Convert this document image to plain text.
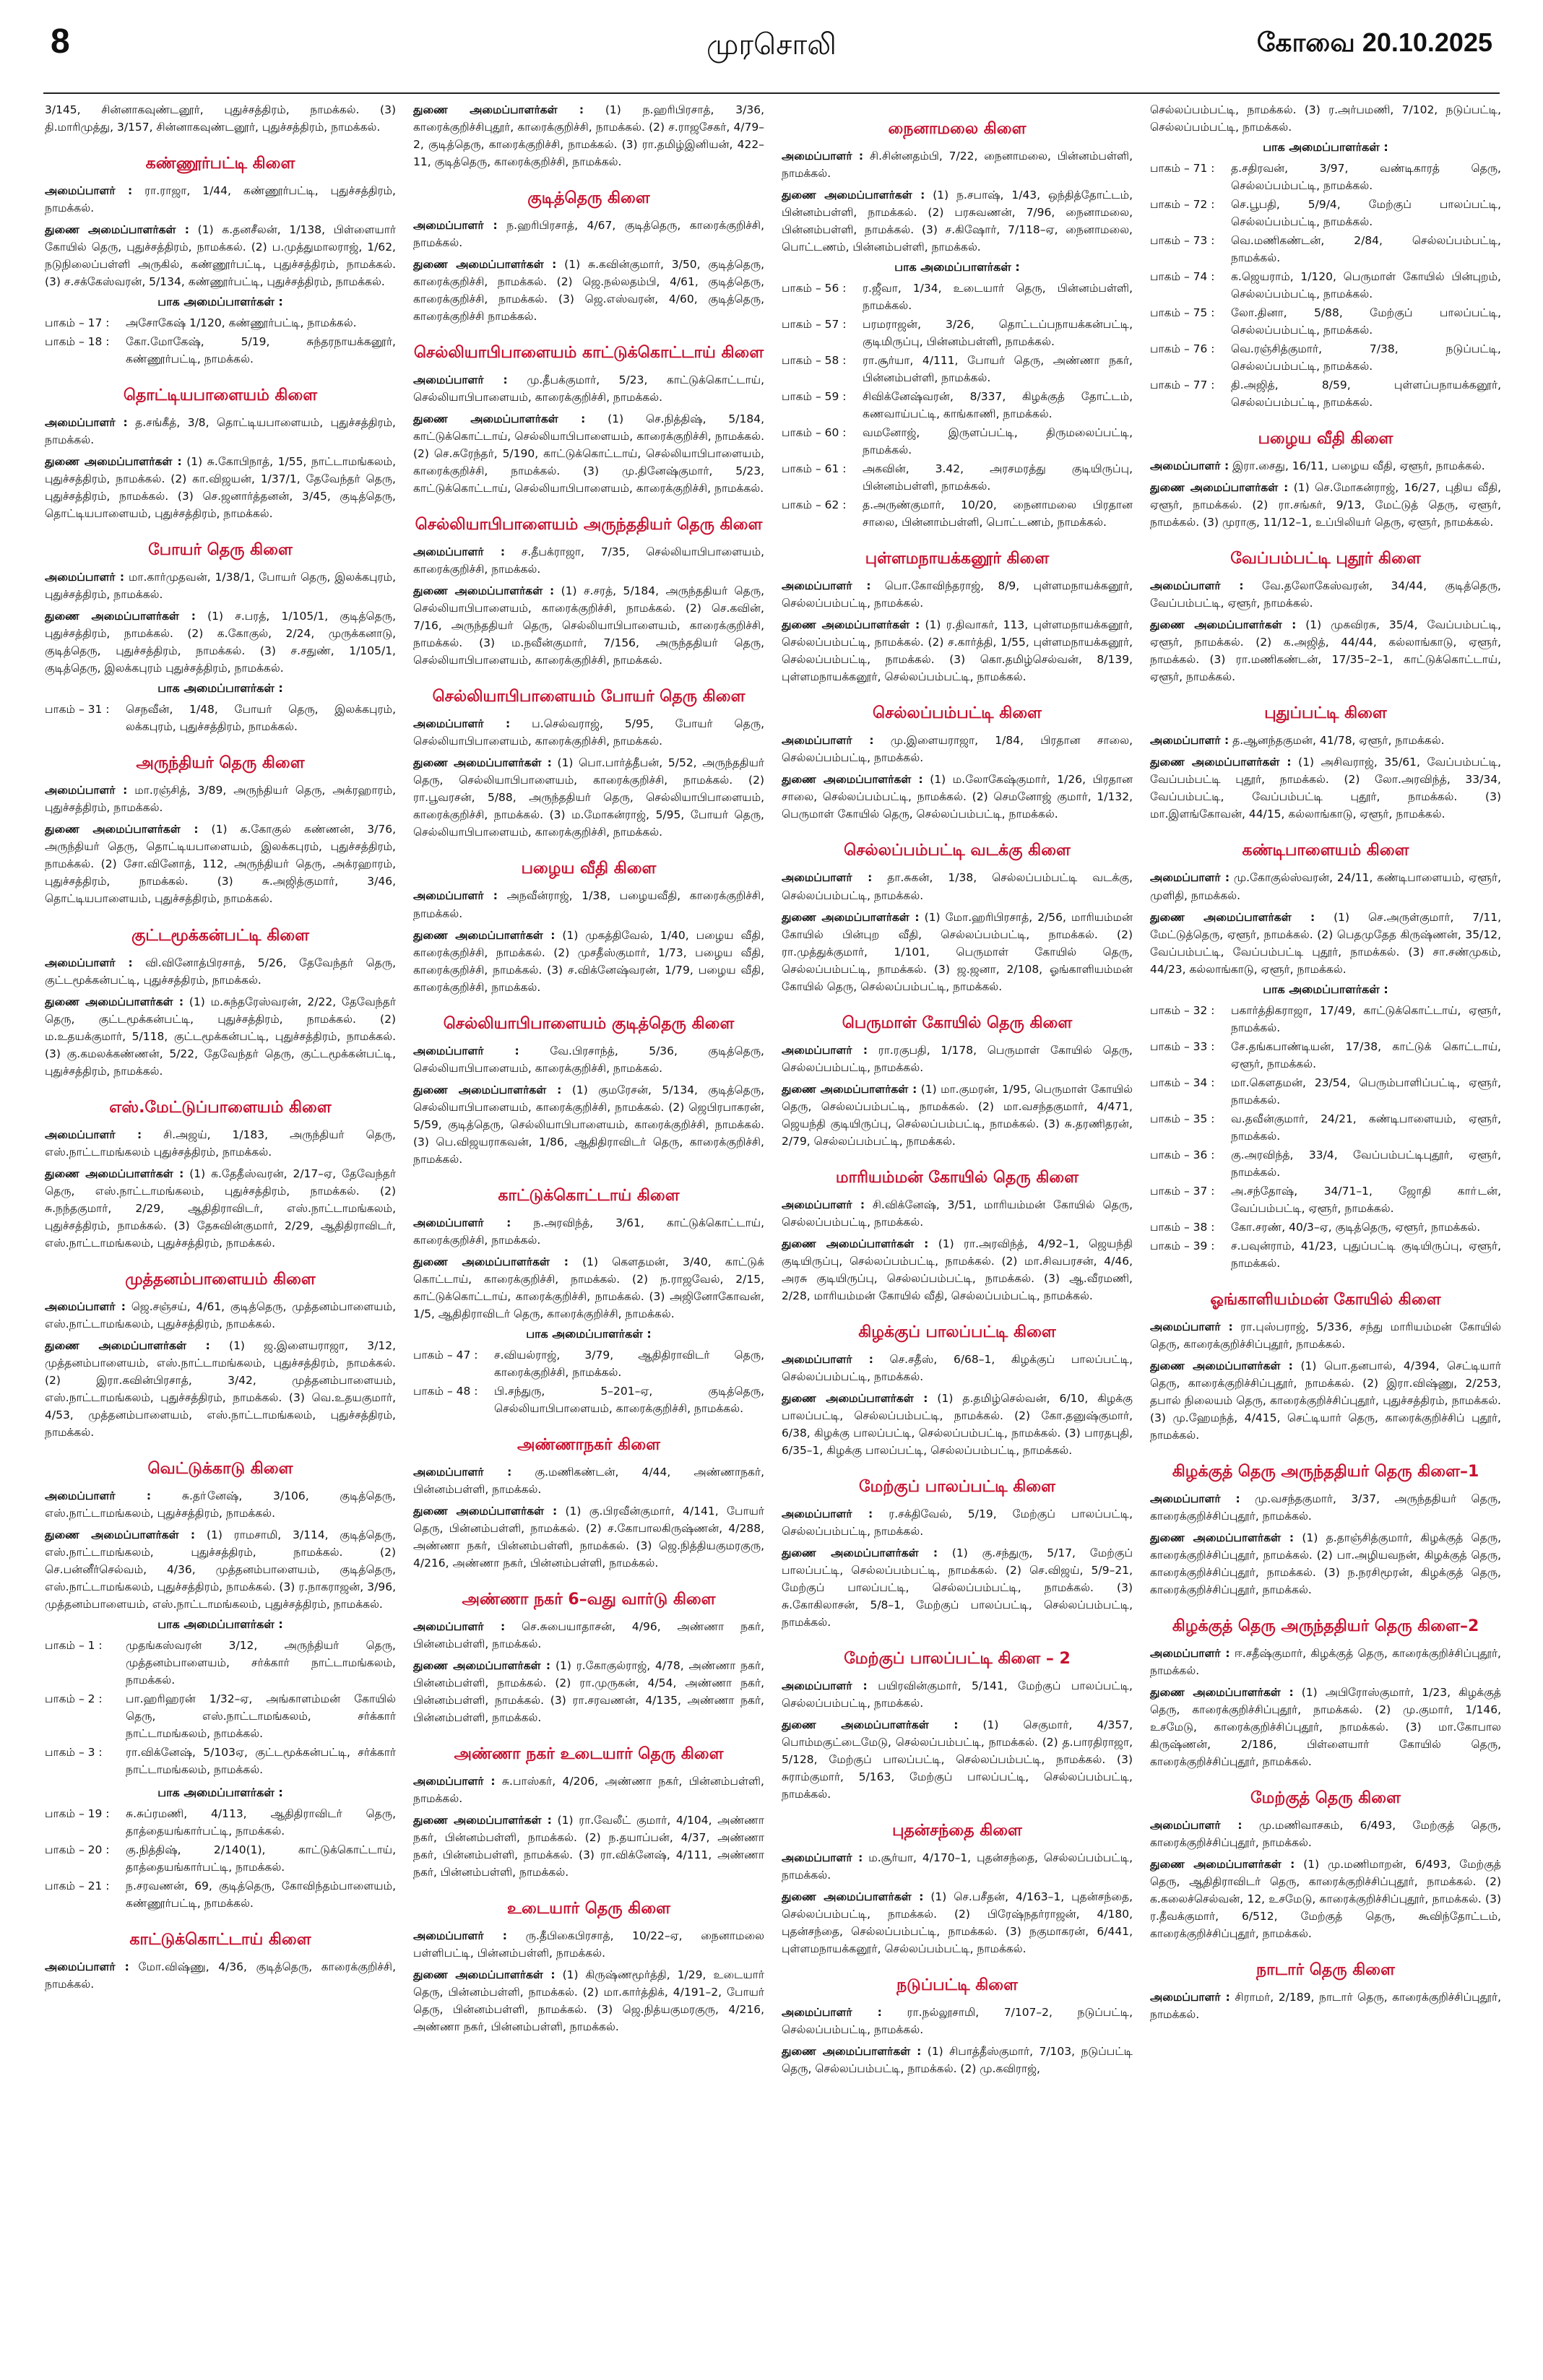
8	முரசொலி	கோவை 20.10.2025
3/145, சின்னாகவுண்டனூர், புதுச்சத்திரம், நாமக்கல். (3) தி.மாரிமுத்து, 3/157, சின்னாகவுண்டனூர், புதுச்சத்திரம், நாமக்கல்.
கண்ணூர்பட்டி கிளை
அமைப்பாளர் : ரா.ராஜா, 1/44, கண்ணூர்பட்டி, புதுச்சத்திரம், நாமக்கல்.
துணை அமைப்பாளர்கள் : (1) க.தனசீலன், 1/138, பிள்ளையார் கோயில் தெரு, புதுச்சத்திரம், நாமக்கல். (2) ப.முத்துமாலராஜ், 1/62, நடுநிலைப்பள்ளி அருகில், கண்ணூர்பட்டி, புதுச்சத்திரம், நாமக்கல். (3) ச.சக்கேஸ்வரன், 5/134, கண்ணூர்பட்டி, புதுச்சத்திரம், நாமக்கல்.
பாக அமைப்பாளர்கள் :
பாகம் – 17 :	அசோகேஷ் 1/120, கண்ணூர்பட்டி, நாமக்கல்.
பாகம் – 18 :	கோ.மோகேஷ், 5/19, சுந்தரநாயக்கனூர், கண்ணூர்பட்டி, நாமக்கல்.
தொட்டியபாளையம் கிளை
அமைப்பாளர் : த.சங்கீத், 3/8, தொட்டியபாளையம், புதுச்சத்திரம், நாமக்கல்.
துணை அமைப்பாளர்கள் : (1) சு.கோபிநாத், 1/55, நாட்டாமங்கலம், புதுச்சத்திரம், நாமக்கல். (2) கா.விஜயன், 1/37/1, தேவேந்தர் தெரு, புதுச்சத்திரம், நாமக்கல். (3) செ.ஜனார்த்தனன், 3/45, குடித்தெரு, தொட்டியபாளையம், புதுச்சத்திரம், நாமக்கல்.
போயர் தெரு கிளை
அமைப்பாளர் : மா.கார்முதவன், 1/38/1, போயர் தெரு, இலக்கபுரம், புதுச்சத்திரம், நாமக்கல்.
துணை அமைப்பாளர்கள் : (1) ச.பரத், 1/105/1, குடித்தெரு, புதுச்சத்திரம், நாமக்கல். (2) க.கோகுல், 2/24, முருக்கனாடு, குடித்தெரு, புதுச்சத்திரம், நாமக்கல். (3) ச.சதுண், 1/105/1, குடித்தெரு, இலக்கபுரம் புதுச்சத்திரம், நாமக்கல்.
பாக அமைப்பாளர்கள் :
பாகம் – 31 :	செநவீன், 1/48, போயர் தெரு, இலக்கபுரம், லக்கபுரம், புதுச்சத்திரம், நாமக்கல்.
அருந்தியர் தெரு கிளை
அமைப்பாளர் : மா.ரஞ்சித், 3/89, அருந்தியர் தெரு, அக்ரஹாரம், புதுச்சத்திரம், நாமக்கல்.
துணை அமைப்பாளர்கள் : (1) க.கோகுல் கண்ணன், 3/76, அருந்தியர் தெரு, தொட்டியபாளையம், இலக்கபுரம், புதுச்சத்திரம், நாமக்கல். (2) சோ.வினோத், 112, அருந்தியர் தெரு, அக்ரஹாரம், புதுச்சத்திரம், நாமக்கல். (3) சு.அஜித்குமார், 3/46, தொட்டியபாளையம், புதுச்சத்திரம், நாமக்கல்.
குட்டமூக்கன்பட்டி கிளை
அமைப்பாளர் : வி.வினோத்பிரசாத், 5/26, தேவேந்தர் தெரு, குட்டமூக்கன்பட்டி, புதுச்சத்திரம், நாமக்கல்.
துணை அமைப்பாளர்கள் : (1) ம.சுந்தரேஸ்வரன், 2/22, தேவேந்தர் தெரு, குட்டமூக்கன்பட்டி, புதுச்சத்திரம், நாமக்கல். (2) ம.உதயக்குமார், 5/118, குட்டமூக்கன்பட்டி, புதுச்சத்திரம், நாமக்கல். (3) கு.கமலக்கண்ணன், 5/22, தேவேந்தர் தெரு, குட்டமூக்கன்பட்டி, புதுச்சத்திரம், நாமக்கல்.
எஸ்.மேட்டுப்பாளையம் கிளை
அமைப்பாளர் : சி.அஜய், 1/183, அருந்தியர் தெரு, எஸ்.நாட்டாமங்கலம் புதுச்சத்திரம், நாமக்கல்.
துணை அமைப்பாளர்கள் : (1) க.தேதீஸ்வரன், 2/17–ஏ, தேவேந்தர் தெரு, எஸ்.நாட்டாமங்கலம், புதுச்சத்திரம், நாமக்கல். (2) சு.நந்தகுமார், 2/29, ஆதிதிராவிடர், எஸ்.நாட்டாமங்கலம், புதுச்சத்திரம், நாமக்கல். (3) தேசுவின்குமார், 2/29, ஆதிதிராவிடர், எஸ்.நாட்டாமங்கலம், புதுச்சத்திரம், நாமக்கல்.
முத்தனம்பாளையம் கிளை
அமைப்பாளர் : ஜெ.சஞ்சய், 4/61, குடித்தெரு, முத்தனம்பாளையம், எஸ்.நாட்டாமங்கலம், புதுச்சத்திரம், நாமக்கல்.
துணை அமைப்பாளர்கள் : (1) ஜ.இளையராஜா, 3/12, முத்தனம்பாளையம், எஸ்.நாட்டாமங்கலம், புதுச்சத்திரம், நாமக்கல். (2) இரா.கவின்பிரசாத், 3/42, முத்தனம்பாளையம், எஸ்.நாட்டாமங்கலம், புதுச்சத்திரம், நாமக்கல். (3) வெ.உதயகுமார், 4/53, முத்தனம்பாளையம், எஸ்.நாட்டாமங்கலம், புதுச்சத்திரம், நாமக்கல்.
வெட்டுக்காடு கிளை
அமைப்பாளர் : சு.தா்னேஷ், 3/106, குடித்தெரு, எஸ்.நாட்டாமங்கலம், புதுச்சத்திரம், நாமக்கல்.
துணை அமைப்பாளர்கள் : (1) ராமசாமி, 3/114, குடித்தெரு, எஸ்.நாட்டாமங்கலம், புதுச்சத்திரம், நாமக்கல். (2) செ.பன்னீர்செல்வம், 4/36, முத்தனம்பாளையம், குடித்தெரு, எஸ்.நாட்டாமங்கலம், புதுச்சத்திரம், நாமக்கல். (3) ர.நாகராஜன், 3/96, முத்தனம்பாளையம், எஸ்.நாட்டாமங்கலம், புதுச்சத்திரம், நாமக்கல்.
பாக அமைப்பாளர்கள் :
பாகம் – 1 :	முதங்கஸ்வரன் 3/12, அருந்தியர் தெரு, முத்தனம்பாளையம், சர்க்கார் நாட்டாமங்கலம், நாமக்கல்.
பாகம் – 2 :	பா.ஹரிஹரன் 1/32–ஏ, அங்காளம்மன் கோயில் தெரு, எஸ்.நாட்டாமங்கலம், சர்க்கார் நாட்டாமங்கலம், நாமக்கல்.
பாகம் – 3 :	ரா.விக்னேஷ், 5/103ஏ, குட்டமூக்கன்பட்டி, சர்க்கார் நாட்டாமங்கலம், நாமக்கல்.
பாக அமைப்பாளர்கள் :
பாகம் – 19 :	சு.சுப்ரமணி, 4/113, ஆதிதிராவிடர் தெரு, தாத்தையங்கார்பட்டி, நாமக்கல்.
பாகம் – 20 :	கு.நித்திஷ், 2/140(1), காட்டுக்கொட்டாய், தாத்தையங்கார்பட்டி, நாமக்கல்.
பாகம் – 21 :	ந.சரவணன், 69, குடித்தெரு, கோவிந்தம்பாளையம், கண்ணூர்பட்டி, நாமக்கல்.
காட்டுக்கொட்டாய் கிளை
அமைப்பாளர் : மோ.விஷ்ணு, 4/36, குடித்தெரு, காரைக்குறிச்சி, நாமக்கல்.
துணை அமைப்பாளர்கள் : (1) ந.ஹரிபிரசாத், 3/36, காரைக்குறிச்சிபுதூர், காரைக்குறிச்சி, நாமக்கல். (2) ச.ராஜசேகர், 4/79–2, குடித்தெரு, காரைக்குறிச்சி, நாமக்கல். (3) ரா.தமிழ்இனியன், 422–11, குடித்தெரு, காரைக்குறிச்சி, நாமக்கல்.
குடித்தெரு கிளை
அமைப்பாளர் : ந.ஹரிபிரசாத், 4/67, குடித்தெரு, காரைக்குறிச்சி, நாமக்கல்.
துணை அமைப்பாளர்கள் : (1) சு.கவின்குமார், 3/50, குடித்தெரு, காரைக்குறிச்சி, நாமக்கல். (2) ஜெ.நல்லதம்பி, 4/61, குடித்தெரு, காரைக்குறிச்சி, நாமக்கல். (3) ஜெ.எஸ்வரன், 4/60, குடித்தெரு, காரைக்குறிச்சி நாமக்கல்.
செல்லியாபிபாளையம் காட்டுக்கொட்டாய் கிளை
அமைப்பாளர் : மு.தீபக்குமார், 5/23, காட்டுக்கொட்டாய், செல்லியாபிபாளையம், காரைக்குறிச்சி, நாமக்கல்.
துணை அமைப்பாளர்கள் : (1) செ.நித்திஷ், 5/184, காட்டுக்கொட்டாய், செல்லியாபிபாளையம், காரைக்குறிச்சி, நாமக்கல். (2) செ.சுரேந்தர், 5/190, காட்டுக்கொட்டாய், செல்லியாபிபாளையம், காரைக்குறிச்சி, நாமக்கல். (3) மு.தினேஷ்குமார், 5/23, காட்டுக்கொட்டாய், செல்லியாபிபாளையம், காரைக்குறிச்சி, நாமக்கல்.
செல்லியாபிபாளையம் அருந்ததியர் தெரு கிளை
அமைப்பாளர் : ச.தீபக்ராஜா, 7/35, செல்லியாபிபாளையம், காரைக்குறிச்சி, நாமக்கல்.
துணை அமைப்பாளர்கள் : (1) ச.சரத், 5/184, அருந்ததியர் தெரு, செல்லியாபிபாளையம், காரைக்குறிச்சி, நாமக்கல். (2) செ.கவின், 7/16, அருந்ததியர் தெரு, செல்லியாபிபாளையம், காரைக்குறிச்சி, நாமக்கல். (3) ம.நவீன்குமார், 7/156, அருந்ததியர் தெரு, செல்லியாபிபாளையம், காரைக்குறிச்சி, நாமக்கல்.
செல்லியாபிபாளையம் போயர் தெரு கிளை
அமைப்பாளர் : ப.செல்வராஜ், 5/95, போயர் தெரு, செல்லியாபிபாளையம், காரைக்குறிச்சி, நாமக்கல்.
துணை அமைப்பாளர்கள் : (1) பொ.பார்த்தீபன், 5/52, அருந்ததியர் தெரு, செல்லியாபிபாளையம், காரைக்குறிச்சி, நாமக்கல். (2) ரா.பூவரசன், 5/88, அருந்ததியர் தெரு, செல்லியாபிபாளையம், காரைக்குறிச்சி, நாமக்கல். (3) ம.மோகன்ராஜ், 5/95, போயர் தெரு, செல்லியாபிபாளையம், காரைக்குறிச்சி, நாமக்கல்.
பழைய வீதி கிளை
அமைப்பாளர் : அநவீன்ராஜ், 1/38, பழையவீதி, காரைக்குறிச்சி, நாமக்கல்.
துணை அமைப்பாளர்கள் : (1) முகத்திவேல், 1/40, பழைய வீதி, காரைக்குறிச்சி, நாமக்கல். (2) முசதீஸ்குமார், 1/73, பழைய வீதி, காரைக்குறிச்சி, நாமக்கல். (3) ச.விக்னேஷ்வரன், 1/79, பழைய வீதி, காரைக்குறிச்சி, நாமக்கல்.
செல்லியாபிபாளையம் குடித்தெரு கிளை
அமைப்பாளர் : வே.பிரசாந்த், 5/36, குடித்தெரு, செல்லியாபிபாளையம், காரைக்குறிச்சி, நாமக்கல்.
துணை அமைப்பாளர்கள் : (1) குமரேசன், 5/134, குடித்தெரு, செல்லியாபிபாளையம், காரைக்குறிச்சி, நாமக்கல். (2) ஜெபிரபாகரன், 5/59, குடித்தெரு, செல்லியாபிபாளையம், காரைக்குறிச்சி, நாமக்கல். (3) பெ.விஜயராகவன், 1/86, ஆதிதிராவிடர் தெரு, காரைக்குறிச்சி, நாமக்கல்.
காட்டுக்கொட்டாய் கிளை
அமைப்பாளர் : ந.அரவிந்த், 3/61, காட்டுக்கொட்டாய், காரைக்குறிச்சி, நாமக்கல்.
துணை அமைப்பாளர்கள் : (1) கௌதமன், 3/40, காட்டுக் கொட்டாய், காரைக்குறிச்சி, நாமக்கல். (2) ந.ராஜவேல், 2/15, காட்டுக்கொட்டாய், காரைக்குறிச்சி, நாமக்கல். (3) அஜினோகோவன், 1/5, ஆதிதிராவிடர் தெரு, காரைக்குறிச்சி, நாமக்கல்.
பாக அமைப்பாளர்கள் :
பாகம் – 47 :	ச.வியல்ராஜ், 3/79, ஆதிதிராவிடர் தெரு, காரைக்குறிச்சி, நாமக்கல்.
பாகம் – 48 :	பி.சந்துரு, 5–201–ஏ, குடித்தெரு, செல்லியாபிபாளையம், காரைக்குறிச்சி, நாமக்கல்.
அண்ணாநகர் கிளை
அமைப்பாளர் : கு.மணிகண்டன், 4/44, அண்ணாநகர், பின்னம்பள்ளி, நாமக்கல்.
துணை அமைப்பாளர்கள் : (1) கு.பிரவீன்குமார், 4/141, போயர் தெரு, பின்னம்பள்ளி, நாமக்கல். (2) ச.கோபாலகிருஷ்ணன், 4/288, அண்ணா நகர், பின்னம்பள்ளி, நாமக்கல். (3) ஜெ.நித்தியகுமரகுரு, 4/216, அண்ணா நகர், பின்னம்பள்ளி, நாமக்கல்.
அண்ணா நகர் 6–வது வார்டு கிளை
அமைப்பாளர் : செ.சுபையாதாசன், 4/96, அண்ணா நகர், பின்னம்பள்ளி, நாமக்கல்.
துணை அமைப்பாளர்கள் : (1) ர.கோகுல்ராஜ், 4/78, அண்ணா நகர், பின்னம்பள்ளி, நாமக்கல். (2) ரா.முருகன், 4/54, அண்ணா நகர், பின்னம்பள்ளி, நாமக்கல். (3) ரா.சரவணன், 4/135, அண்ணா நகர், பின்னம்பள்ளி, நாமக்கல்.
அண்ணா நகர் உடையார் தெரு கிளை
அமைப்பாளர் : சு.பாஸ்கர், 4/206, அண்ணா நகர், பின்னம்பள்ளி, நாமக்கல்.
துணை அமைப்பாளர்கள் : (1) ரா.வேலீட் குமார், 4/104, அண்ணா நகர், பின்னம்பள்ளி, நாமக்கல். (2) ந.தயாப்பன், 4/37, அண்ணா நகர், பின்னம்பள்ளி, நாமக்கல். (3) ரா.விக்னேஷ், 4/111, அண்ணா நகர், பின்னம்பள்ளி, நாமக்கல்.
உடையார் தெரு கிளை
அமைப்பாளர் : ரு.தீபிகைபிரசாத், 10/22–ஏ, நைனாமலை பள்ளிபட்டி, பின்னம்பள்ளி, நாமக்கல்.
துணை அமைப்பாளர்கள் : (1) கிருஷ்ணமூர்த்தி, 1/29, உடையார் தெரு, பின்னம்பள்ளி, நாமக்கல். (2) மா.கார்த்திக், 4/191–2, போயர் தெரு, பின்னம்பள்ளி, நாமக்கல். (3) ஜெ.நித்யகுமரகுரு, 4/216, அண்ணா நகர், பின்னம்பள்ளி, நாமக்கல்.
நைனாமலை கிளை
அமைப்பாளர் : சி.சின்னதம்பி, 7/22, நைனாமலை, பின்னம்பள்ளி, நாமக்கல்.
துணை அமைப்பாளர்கள் : (1) ந.சபாஷ், 1/43, ஒந்தித்தோட்டம், பின்னம்பள்ளி, நாமக்கல். (2) பரசுவணன், 7/96, நைனாமலை, பின்னம்பள்ளி, நாமக்கல். (3) ச.கிஷோர், 7/118–ஏ, நைனாமலை, பொட்டணம், பின்னம்பள்ளி, நாமக்கல்.
பாக அமைப்பாளர்கள் :
பாகம் – 56 :	ர.ஜீவா, 1/34, உடையார் தெரு, பின்னம்பள்ளி, நாமக்கல்.
பாகம் – 57 :	பரமராஜன், 3/26, தொட்டப்பநாயக்கன்பட்டி, குடிமிருப்பு, பின்னம்பள்ளி, நாமக்கல்.
பாகம் – 58 :	ரா.சூர்யா, 4/111, போயர் தெரு, அண்ணா நகர், பின்னம்பள்ளி, நாமக்கல்.
பாகம் – 59 :	சிவிக்னேஷ்வரன், 8/337, கிழக்குத் தோட்டம், கணவாய்பட்டி, காங்காணி, நாமக்கல்.
பாகம் – 60 :	வமனோஜ், இருளப்பட்டி, திருமலைப்பட்டி, நாமக்கல்.
பாகம் – 61 :	அகவின், 3.42, அரசமரத்து குடியிருப்பு, பின்னம்பள்ளி, நாமக்கல்.
பாகம் – 62 :	த.அருண்குமார், 10/20, நைனாமலை பிரதான சாலை, பின்னாம்பள்ளி, பொட்டணம், நாமக்கல்.
புள்ளமநாயக்கனூர் கிளை
அமைப்பாளர் : பொ.கோவிந்தராஜ், 8/9, புள்ளமநாயக்கனூர், செல்லப்பம்பட்டி, நாமக்கல்.
துணை அமைப்பாளர்கள் : (1) ர.திவாகர், 113, புள்ளமநாயக்கனூர், செல்லப்பம்பட்டி, நாமக்கல். (2) ச.கார்த்தி, 1/55, புள்ளமநாயக்கனூர், செல்லப்பம்பட்டி, நாமக்கல். (3) கொ.தமிழ்செல்வன், 8/139, புள்ளமநாயக்கனூர், செல்லப்பம்பட்டி, நாமக்கல்.
செல்லப்பம்பட்டி கிளை
அமைப்பாளர் : மு.இளையராஜா, 1/84, பிரதான சாலை, செல்லப்பம்பட்டி, நாமக்கல்.
துணை அமைப்பாளர்கள் : (1) ம.லோகேஷ்குமார், 1/26, பிரதான சாலை, செல்லப்பம்பட்டி, நாமக்கல். (2) செமனோஜ் குமார், 1/132, பெருமாள் கோயில் தெரு, செல்லப்பம்பட்டி, நாமக்கல்.
செல்லப்பம்பட்டி வடக்கு கிளை
அமைப்பாளர் : தா.சுகன், 1/38, செல்லப்பம்பட்டி வடக்கு, செல்லப்பம்பட்டி, நாமக்கல்.
துணை அமைப்பாளர்கள் : (1) மோ.ஹரிபிரசாத், 2/56, மாரியம்மன் கோயில் பின்புற வீதி, செல்லப்பம்பட்டி, நாமக்கல். (2) ரா.முத்துக்குமார், 1/101, பெருமாள் கோயில் தெரு, செல்லப்பம்பட்டி, நாமக்கல். (3) ஜ.ஜனா, 2/108, ஓங்காளியம்மன் கோயில் தெரு, செல்லப்பம்பட்டி, நாமக்கல்.
பெருமாள் கோயில் தெரு கிளை
அமைப்பாளர் : ரா.ரகுபதி, 1/178, பெருமாள் கோயில் தெரு, செல்லப்பம்பட்டி, நாமக்கல்.
துணை அமைப்பாளர்கள் : (1) மா.குமரன், 1/95, பெருமாள் கோயில் தெரு, செல்லப்பம்பட்டி, நாமக்கல். (2) மா.வசந்தகுமார், 4/471, ஜெயந்தி குடியிருப்பு, செல்லப்பம்பட்டி, நாமக்கல். (3) சு.தரணிதரன், 2/79, செல்லப்பம்பட்டி, நாமக்கல்.
மாரியம்மன் கோயில் தெரு கிளை
அமைப்பாளர் : சி.விக்னேஷ், 3/51, மாரியம்மன் கோயில் தெரு, செல்லப்பம்பட்டி, நாமக்கல்.
துணை அமைப்பாளர்கள் : (1) ரா.அரவிந்த், 4/92–1, ஜெயந்தி குடியிருப்பு, செல்லப்பம்பட்டி, நாமக்கல். (2) மா.சிவபரசன், 4/46, அரசு குடியிருப்பு, செல்லப்பம்பட்டி, நாமக்கல். (3) ஆ.வீரமணி, 2/28, மாரியம்மன் கோயில் வீதி, செல்லப்பம்பட்டி, நாமக்கல்.
கிழக்குப் பாலப்பட்டி கிளை
அமைப்பாளர் : செ.சதீஸ், 6/68–1, கிழக்குப் பாலப்பட்டி, செல்லப்பம்பட்டி, நாமக்கல்.
துணை அமைப்பாளர்கள் : (1) த.தமிழ்செல்வன், 6/10, கிழக்கு பாலப்பட்டி, செல்லப்பம்பட்டி, நாமக்கல். (2) கோ.தனுஷ்குமார், 6/38, கிழக்கு பாலப்பட்டி, செல்லப்பம்பட்டி, நாமக்கல். (3) பாரதபுதி, 6/35–1, கிழக்கு பாலப்பட்டி, செல்லப்பம்பட்டி, நாமக்கல்.
மேற்குப் பாலப்பட்டி கிளை
அமைப்பாளர் : ர.சக்திவேல், 5/19, மேற்குப் பாலப்பட்டி, செல்லப்பம்பட்டி, நாமக்கல்.
துணை அமைப்பாளர்கள் : (1) கு.சந்துரு, 5/17, மேற்குப் பாலப்பட்டி, செல்லப்பம்பட்டி, நாமக்கல். (2) செ.விஜய், 5/9–21, மேற்குப் பாலப்பட்டி, செல்லப்பம்பட்டி, நாமக்கல். (3) சு.கோகிலாசன், 5/8–1, மேற்குப் பாலப்பட்டி, செல்லப்பம்பட்டி, நாமக்கல்.
மேற்குப் பாலப்பட்டி கிளை – 2
அமைப்பாளர் : பயிரவின்குமார், 5/141, மேற்குப் பாலப்பட்டி, செல்லப்பம்பட்டி, நாமக்கல்.
துணை அமைப்பாளர்கள் : (1) செகுமார், 4/357, பொம்மகுட்டைமேடு, செல்லப்பம்பட்டி, நாமக்கல். (2) த.பாரதிராஜா, 5/128, மேற்குப் பாலப்பட்டி, செல்லப்பம்பட்டி, நாமக்கல். (3) சுராம்குமார், 5/163, மேற்குப் பாலப்பட்டி, செல்லப்பம்பட்டி, நாமக்கல்.
புதன்சந்தை கிளை
அமைப்பாளர் : ம.சூர்யா, 4/170–1, புதன்சந்தை, செல்லப்பம்பட்டி, நாமக்கல்.
துணை அமைப்பாளர்கள் : (1) செ.பசீதன், 4/163–1, புதன்சந்தை, செல்லப்பம்பட்டி, நாமக்கல். (2) பிரேஷ்நதர்ராஜன், 4/180, புதன்சந்தை, செல்லப்பம்பட்டி, நாமக்கல். (3) நகுமாகரன், 6/441, புள்ளமநாயக்கனூர், செல்லப்பம்பட்டி, நாமக்கல்.
நடுப்பட்டி கிளை
அமைப்பாளர் : ரா.நல்லூசாமி, 7/107–2, நடுப்பட்டி, செல்லப்பம்பட்டி, நாமக்கல்.
துணை அமைப்பாளர்கள் : (1) சிபாத்தீஸ்குமார், 7/103, நடுப்பட்டி தெரு, செல்லப்பம்பட்டி, நாமக்கல். (2) மு.கவிராஜ்,
செல்லப்பம்பட்டி, நாமக்கல். (3) ர.அர்பமணி, 7/102, நடுப்பட்டி, செல்லப்பம்பட்டி, நாமக்கல்.
பாக அமைப்பாளர்கள் :
பாகம் – 71 :	த.சதிரவன், 3/97, வண்டிகாரத் தெரு, செல்லப்பம்பட்டி, நாமக்கல்.
பாகம் – 72 :	செ.பூபதி, 5/9/4, மேற்குப் பாலப்பட்டி, செல்லப்பம்பட்டி, நாமக்கல்.
பாகம் – 73 :	வெ.மணிகண்டன், 2/84, செல்லப்பம்பட்டி, நாமக்கல்.
பாகம் – 74 :	க.ஜெயராம், 1/120, பெருமாள் கோயில் பின்புறம், செல்லப்பம்பட்டி, நாமக்கல்.
பாகம் – 75 :	லோ.தினா, 5/88, மேற்குப் பாலப்பட்டி, செல்லப்பம்பட்டி, நாமக்கல்.
பாகம் – 76 :	வெ.ரஞ்சித்குமார், 7/38, நடுப்பட்டி, செல்லப்பம்பட்டி, நாமக்கல்.
பாகம் – 77 :	தி.அஜித், 8/59, புள்ளப்பநாயக்கனூர், செல்லப்பம்பட்டி, நாமக்கல்.
பழைய வீதி கிளை
அமைப்பாளர் : இரா.சைது, 16/11, பழைய வீதி, ஏளூர், நாமக்கல்.
துணை அமைப்பாளர்கள் : (1) செ.மோகன்ராஜ், 16/27, புதிய வீதி, ஏளூர், நாமக்கல். (2) ரா.சங்கர், 9/13, மேட்டுத் தெரு, ஏளூர், நாமக்கல். (3) முராகு, 11/12–1, உப்பிலியர் தெரு, ஏளூர், நாமக்கல்.
வேப்பம்பட்டி புதூர் கிளை
அமைப்பாளர் : வே.தலோகேஸ்வரன், 34/44, குடித்தெரு, வேப்பம்பட்டி, ஏளூர், நாமக்கல்.
துணை அமைப்பாளர்கள் : (1) முகவிரசு, 35/4, வேப்பம்பட்டி, ஏளூர், நாமக்கல். (2) க.அஜித், 44/44, கல்லாங்காடு, ஏளூர், நாமக்கல். (3) ரா.மணிகண்டன், 17/35–2–1, காட்டுக்கொட்டாய், ஏளூர், நாமக்கல்.
புதுப்பட்டி கிளை
அமைப்பாளர் : த.ஆனந்தகுமன், 41/78, ஏளூர், நாமக்கல்.
துணை அமைப்பாளர்கள் : (1) அசிவராஜ், 35/61, வேப்பம்பட்டி, வேப்பம்பட்டி புதூர், நாமக்கல். (2) லோ.அரவிந்த், 33/34, வேப்பம்பட்டி, வேப்பம்பட்டி புதூர், நாமக்கல். (3) மா.இளங்கோவன், 44/15, கல்லாங்காடு, ஏளூர், நாமக்கல்.
கண்டிபாளையம் கிளை
அமைப்பாளர் : மு.கோகுல்ஸ்வரன், 24/11, கண்டிபாளையம், ஏளூர், முளிதி, நாமக்கல்.
துணை அமைப்பாளர்கள் : (1) செ.அருள்குமார், 7/11, மேட்டுத்தெரு, ஏளூர், நாமக்கல். (2) பெதமுதேத கிருஷ்ணன், 35/12, வேப்பம்பட்டி, வேப்பம்பட்டி புதூர், நாமக்கல். (3) சா.சண்முகம், 44/23, கல்லாங்காடு, ஏளூர், நாமக்கல்.
பாக அமைப்பாளர்கள் :
பாகம் – 32 :	பகார்த்திகராஜா, 17/49, காட்டுக்கொட்டாய், ஏளூர், நாமக்கல்.
பாகம் – 33 :	சே.தங்கபாண்டியன், 17/38, காட்டுக் கொட்டாய், ஏளூர், நாமக்கல்.
பாகம் – 34 :	மா.கௌதமன், 23/54, பெரும்பாளிப்பட்டி, ஏளூர், நாமக்கல்.
பாகம் – 35 :	வ.தவீன்குமார், 24/21, கண்டிபாளையம், ஏளூர், நாமக்கல்.
பாகம் – 36 :	கு.அரவிந்த், 33/4, வேப்பம்பட்டிபுதூர், ஏளூர், நாமக்கல்.
பாகம் – 37 :	அ.சந்தோஷ், 34/71–1, ஜோதி காா்டன், வேப்பம்பட்டி, ஏளூர், நாமக்கல்.
பாகம் – 38 :	கோ.சரண், 40/3–ஏ, குடித்தெரு, ஏளூர், நாமக்கல்.
பாகம் – 39 :	ச.பவுன்ராம், 41/23, புதுப்பட்டி குடியிருப்பு, ஏளூர், நாமக்கல்.
ஓங்காளியம்மன் கோயில் கிளை
அமைப்பாளர் : ரா.புஸ்பராஜ், 5/336, சந்து மாரியம்மன் கோயில் தெரு, காரைக்குறிச்சிப்புதூர், நாமக்கல்.
துணை அமைப்பாளர்கள் : (1) பொ.தனபால், 4/394, செட்டியார் தெரு, காரைக்குறிச்சிப்புதூர், நாமக்கல். (2) இரா.விஷ்ணு, 2/253, தபால் நிலையம் தெரு, காரைக்குறிச்சிப்புதூர், புதுச்சத்திரம், நாமக்கல். (3) மு.ஹேமந்த், 4/415, செட்டியார் தெரு, காரைக்குறிச்சிப் புதூர், நாமக்கல்.
கிழக்குத் தெரு அருந்ததியர் தெரு கிளை–1
அமைப்பாளர் : மு.வசந்தகுமார், 3/37, அருந்ததியர் தெரு, காரைக்குறிச்சிப்புதூர், நாமக்கல்.
துணை அமைப்பாளர்கள் : (1) த.தாஞ்சித்குமார், கிழக்குத் தெரு, காரைக்குறிச்சிப்புதூர், நாமக்கல். (2) பா.அழியவநன், கிழக்குத் தெரு, காரைக்குறிச்சிப்புதூர், நாமக்கல். (3) ந.நரசிமூரன், கிழக்குத் தெரு, காரைக்குறிச்சிப்புதூர், நாமக்கல்.
கிழக்குத் தெரு அருந்ததியர் தெரு கிளை–2
அமைப்பாளர் : ஈ.சதீஷ்குமார், கிழக்குத் தெரு, காரைக்குறிச்சிப்புதூர், நாமக்கல்.
துணை அமைப்பாளர்கள் : (1) அபிரோஸ்குமார், 1/23, கிழக்குத் தெரு, காரைக்குறிச்சிப்புதூர், நாமக்கல். (2) மு.குமார், 1/146, உசமேடு, காரைக்குறிச்சிப்புதூர், நாமக்கல். (3) மா.கோபால கிருஷ்ணன், 2/186, பிள்ளையார் கோயில் தெரு, காரைக்குறிச்சிப்புதூர், நாமக்கல்.
மேற்குத் தெரு கிளை
அமைப்பாளர் : மு.மணிவாசகம், 6/493, மேற்குத் தெரு, காரைக்குறிச்சிப்புதூர், நாமக்கல்.
துணை அமைப்பாளர்கள் : (1) மு.மணிமாறன், 6/493, மேற்குத் தெரு, ஆதிதிராவிடர் தெரு, காரைக்குறிச்சிப்புதூர், நாமக்கல். (2) க.கலைச்செல்வன், 12, உசமேடு, காரைக்குறிச்சிப்புதூர், நாமக்கல். (3) ர.தீவக்குமார், 6/512, மேற்குத் தெரு, கூவிந்தோட்டம், காரைக்குறிச்சிப்புதூர், நாமக்கல்.
நாடார் தெரு கிளை
அமைப்பாளர் : சிராமர், 2/189, நாடார் தெரு, காரைக்குறிச்சிப்புதூர், நாமக்கல்.
